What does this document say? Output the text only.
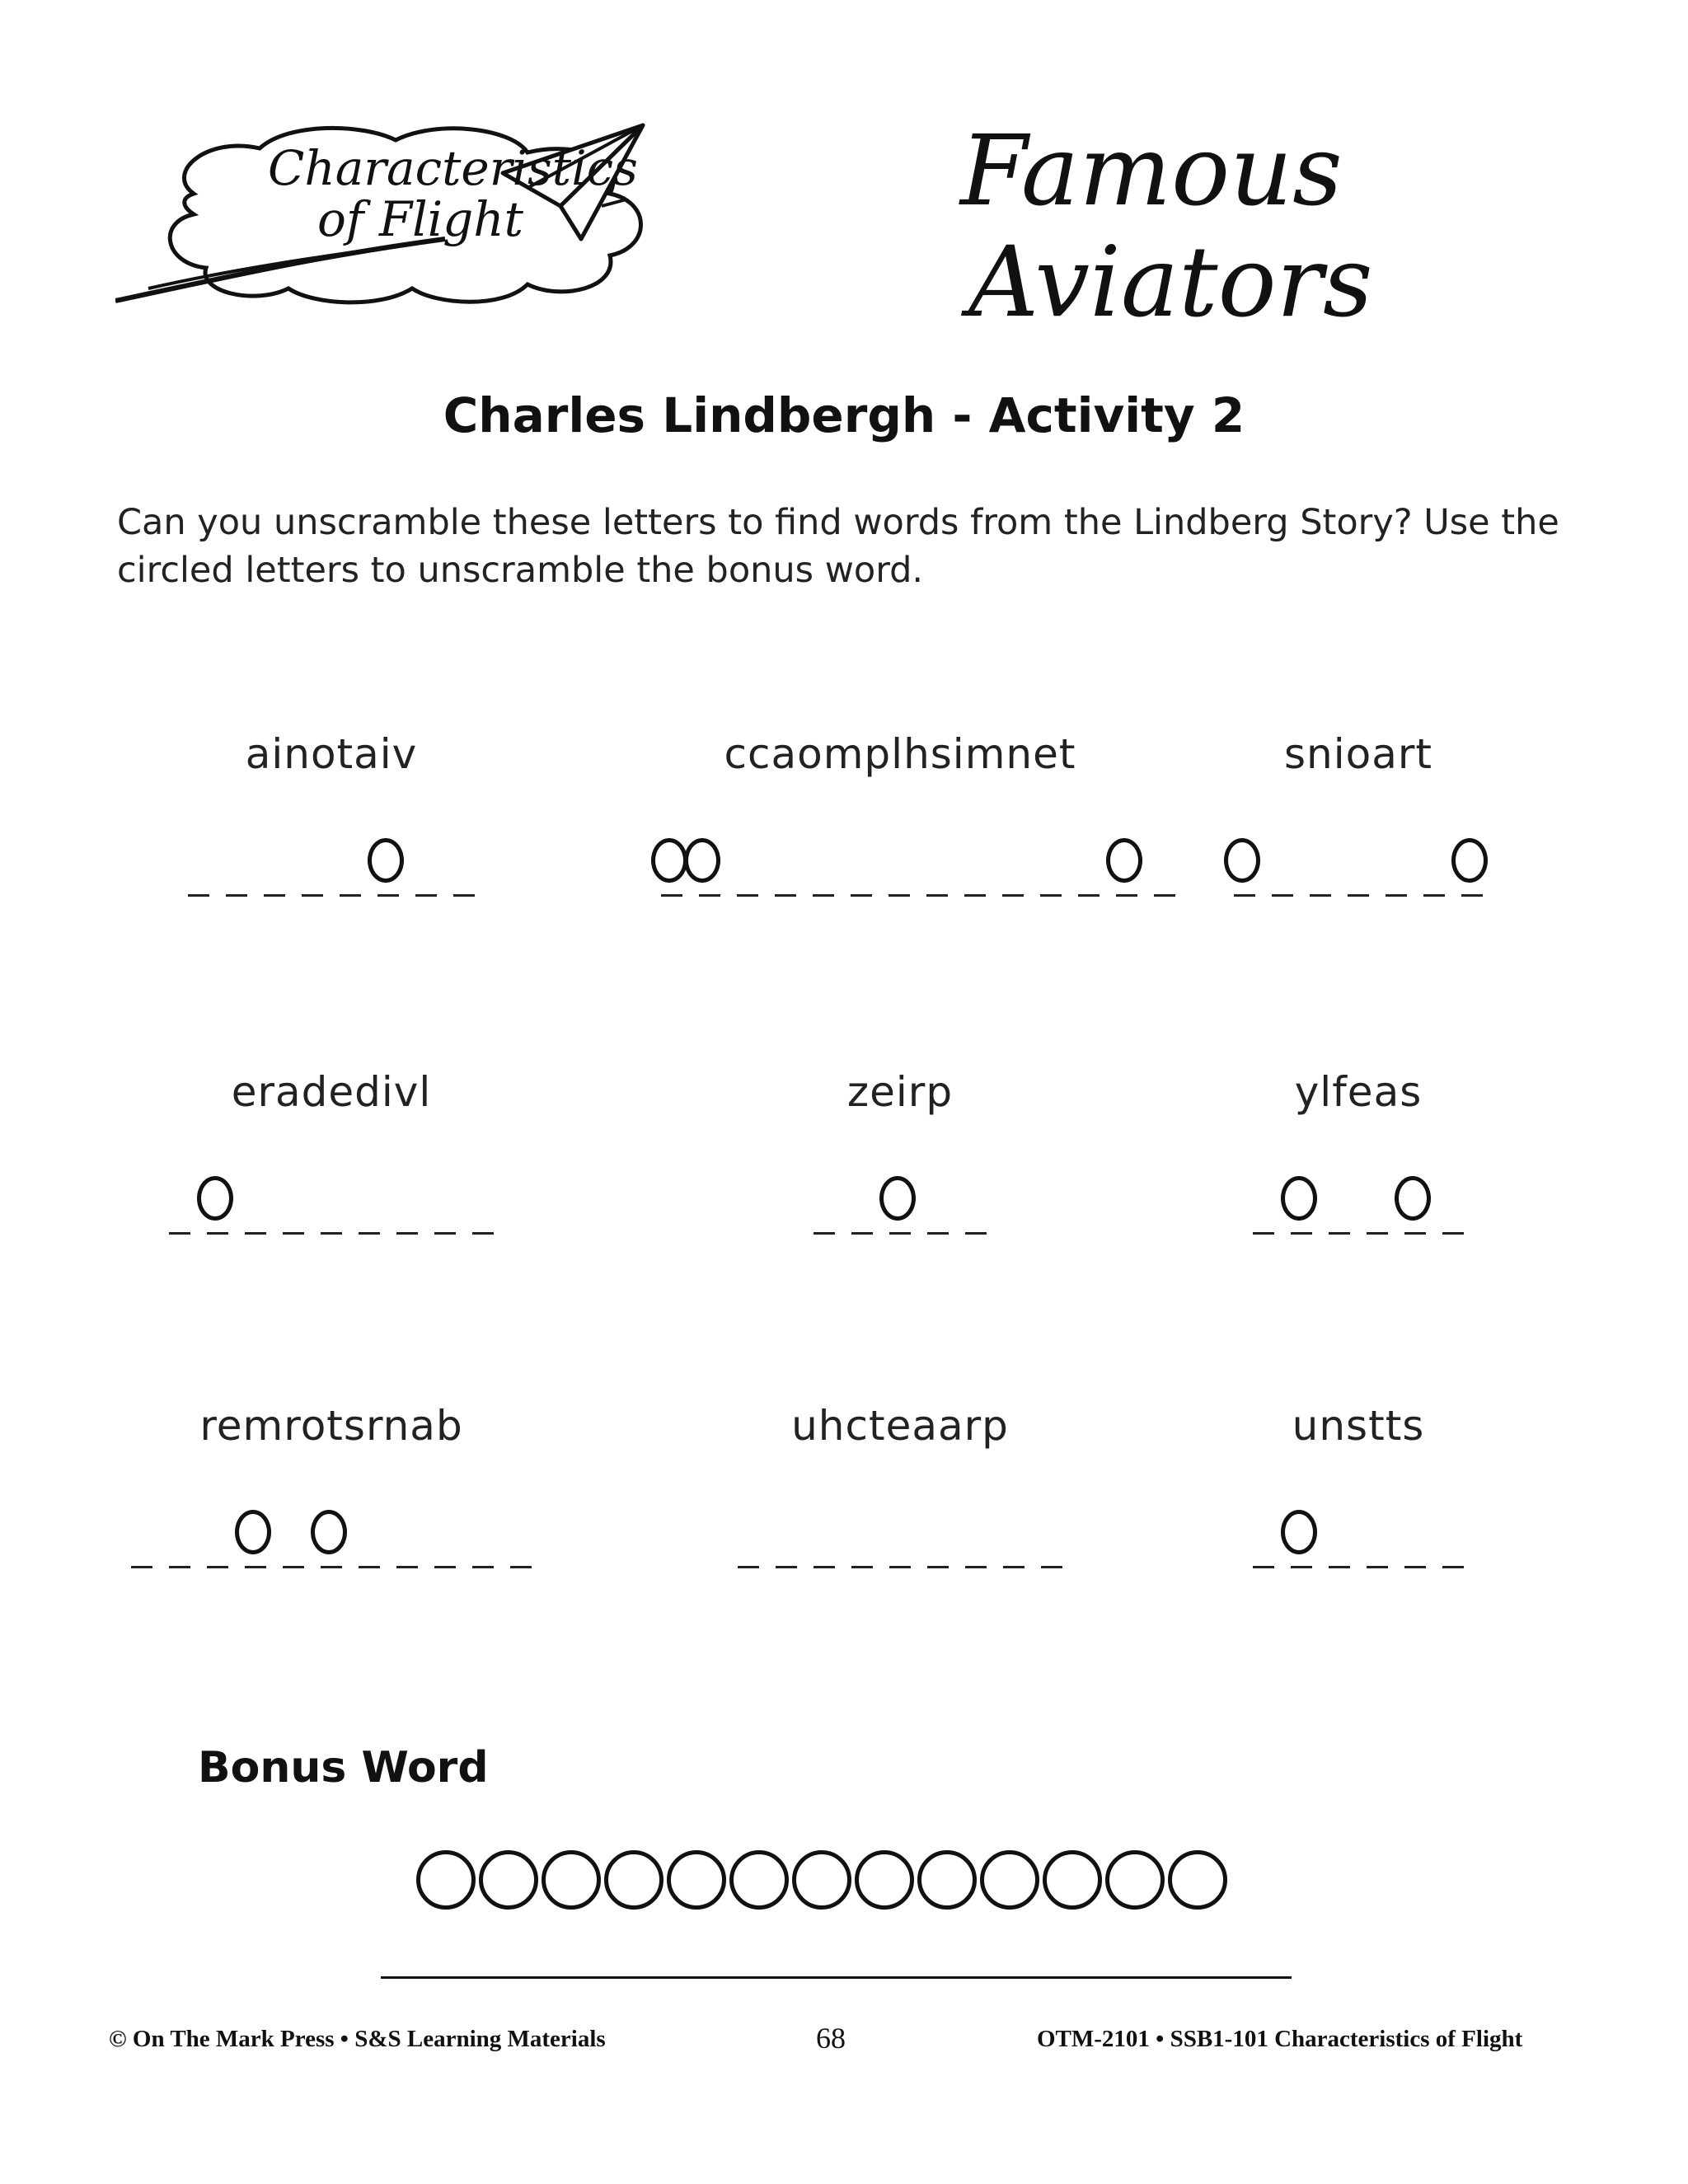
Characteristics
of Flight	Famous
Aviators
Charles Lindbergh - Activity 2
Can you unscramble these letters to find words from the Lindberg Story? Use the circled letters to unscramble the bonus word.
ainotaiv	ccaomplhsimnet	snioart
eradedivl	zeirp	ylfeas
remrotsrnab	uhcteaarp	unstts
Bonus Word
© On The Mark Press • S&S Learning Materials	68	OTM-2101 • SSB1-101 Characteristics of Flight
